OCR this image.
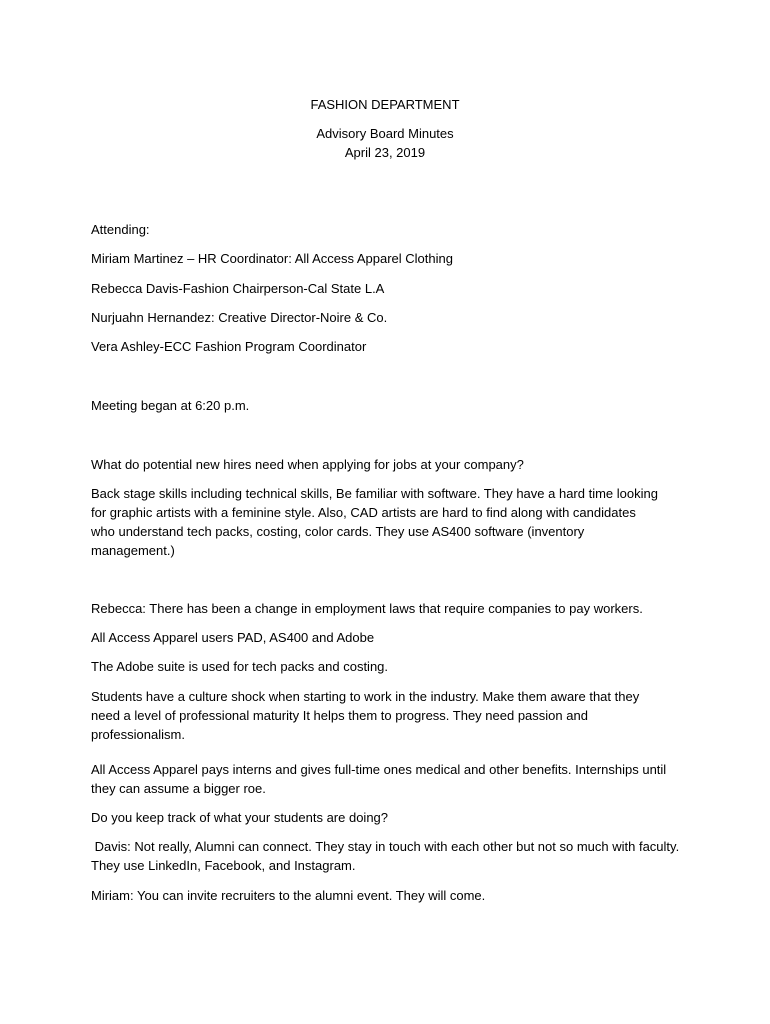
FASHION DEPARTMENT
Advisory Board Minutes
April 23, 2019
Attending:
Miriam Martinez – HR Coordinator: All Access Apparel Clothing
Rebecca Davis-Fashion Chairperson-Cal State L.A
Nurjuahn Hernandez: Creative Director-Noire & Co.
Vera Ashley-ECC Fashion Program Coordinator
Meeting began at 6:20 p.m.
What do potential new hires need when applying for jobs at your company?
Back stage skills including technical skills, Be familiar with software. They have a hard time looking for graphic artists with a feminine style. Also, CAD artists are hard to find along with candidates who understand tech packs, costing, color cards. They use AS400 software (inventory management.)
Rebecca: There has been a change in employment laws that require companies to pay workers.
All Access Apparel users PAD, AS400 and Adobe
The Adobe suite is used for tech packs and costing.
Students have a culture shock when starting to work in the industry. Make them aware that they need a level of professional maturity It helps them to progress. They need passion and professionalism.
All Access Apparel pays interns and gives full-time ones medical and other benefits. Internships until they can assume a bigger roe.
Do you keep track of what your students are doing?
Davis: Not really, Alumni can connect. They stay in touch with each other but not so much with faculty. They use LinkedIn, Facebook, and Instagram.
Miriam: You can invite recruiters to the alumni event. They will come.
